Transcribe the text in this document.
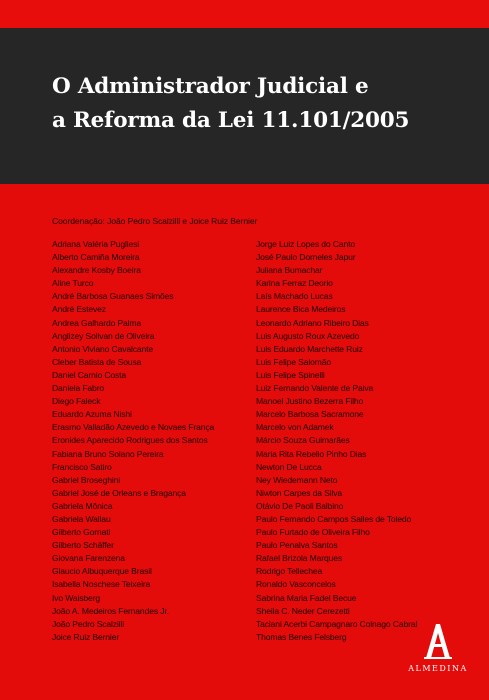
O Administrador Judicial e
a Reforma da Lei 11.101/2005
Coordenação: João Pedro Scalzilli e Joice Ruiz Bernier
Adriana Valéria Pugliesi
Alberto Camiña Moreira
Alexandre Kosby Boeira
Aline Turco
André Barbosa Guanaes Simões
André Estevez
Andrea Galhardo Palma
Anglizey Solivan de Oliveira
Antonio Viviano Cavalcante
Cleber Batista de Sousa
Daniel Carnio Costa
Daniela Fabro
Diego Faleck
Eduardo Azuma Nishi
Erasmo Valladão Azevedo e Novaes França
Eronides Aparecido Rodrigues dos Santos
Fabiana Bruno Solano Pereira
Francisco Satiro
Gabriel Broseghini
Gabriel José de Orleans e Bragança
Gabriela Mônica
Gabriela Wallau
Gilberto Gornati
Gilberto Schäffer
Giovana Farenzena
Glaucio Albuquerque Brasil
Isabella Noschese Teixeira
Ivo Waisberg
João A. Medeiros Fernandes Jr.
João Pedro Scalzilli
Joice Ruiz Bernier
Jorge Luiz Lopes do Canto
José Paulo Dorneles Japur
Juliana Bumachar
Karina Ferraz Deorio
Laís Machado Lucas
Laurence Bica Medeiros
Leonardo Adriano Ribeiro Dias
Luis Augusto Roux Azevedo
Luis Eduardo Marchette Ruiz
Luis Felipe Salomão
Luis Felipe Spinelli
Luiz Fernando Valente de Paiva
Manoel Justino Bezerra Filho
Marcelo Barbosa Sacramone
Marcelo von Adamek
Márcio Souza Guimarães
Maria Rita Rebello Pinho Dias
Newton De Lucca
Ney Wiedemann Neto
Niwton Carpes da Silva
Otávio De Paoli Balbino
Paulo Fernando Campos Salles de Toledo
Paulo Furtado de Oliveira Filho
Paulo Penalva Santos
Rafael Brizola Marques
Rodrigo Tellechea
Ronaldo Vasconcelos
Sabrina Maria Fadel Becue
Sheila C. Neder Cerezetti
Taciani Acerbi Campagnaro Colnago Cabral
Thomas Benes Felsberg
ALMEDINA
